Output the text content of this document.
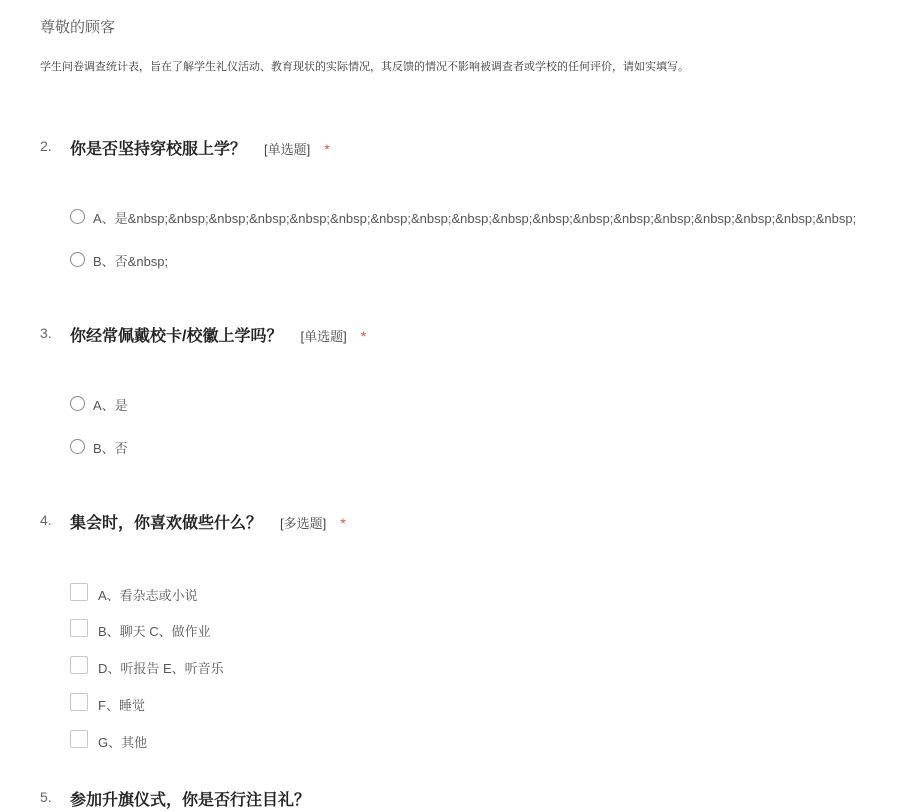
尊敬的顾客
学生问卷调查统计表，旨在了解学生礼仪活动、教育现状的实际情况，其反馈的情况不影响被调查者或学校的任何评价，请如实填写。
2. 你是否坚持穿校服上学？ [单选题] *
A、是&nbsp;&nbsp;&nbsp;&nbsp;&nbsp;&nbsp;&nbsp;&nbsp;&nbsp;&nbsp;&nbsp;&nbsp;&nbsp;&nbsp;&nbsp;&nbsp;&nbsp;&nbsp;
B、否&nbsp;
3. 你经常佩戴校卡/校徽上学吗？ [单选题] *
A、是
B、否
4. 集会时，你喜欢做些什么？ [多选题] *
A、看杂志或小说
B、聊天 C、做作业
D、听报告 E、听音乐
F、睡觉
G、其他
5. 参加升旗仪式，你是否行注目礼？
